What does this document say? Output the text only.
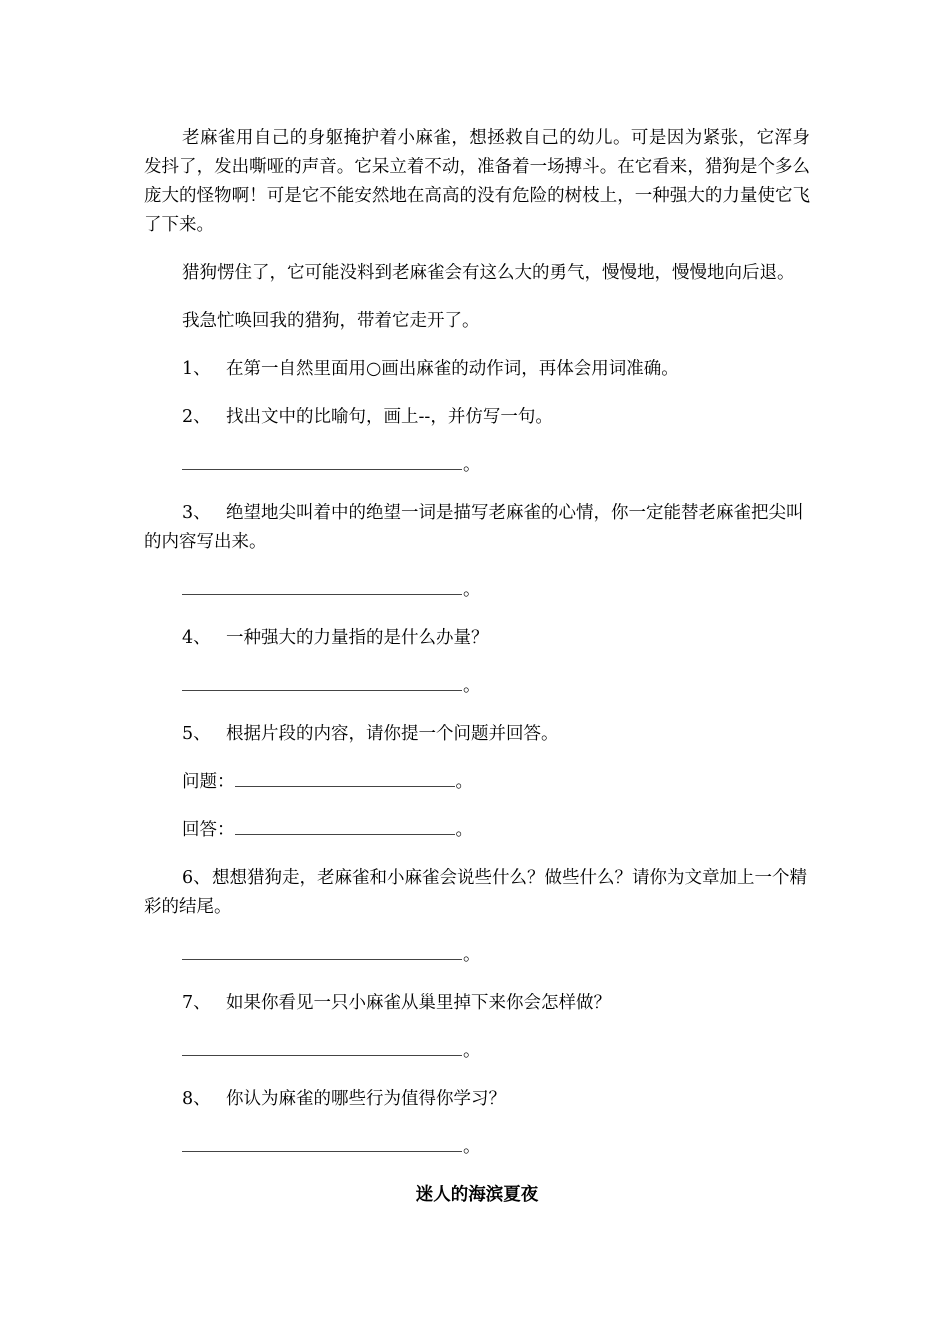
老麻雀用自己的身躯掩护着小麻雀，想拯救自己的幼儿。可是因为紧张，它浑身发抖了，发出嘶哑的声音。它呆立着不动，准备着一场搏斗。在它看来，猎狗是个多么庞大的怪物啊！可是它不能安然地在高高的没有危险的树枝上，一种强大的力量使它飞了下来。

猎狗愣住了，它可能没料到老麻雀会有这么大的勇气，慢慢地，慢慢地向后退。

我急忙唤回我的猎狗，带着它走开了。

1、 在第一自然里面用○画出麻雀的动作词，再体会用词准确。

2、 找出文中的比喻句，画上--，并仿写一句。

。

3、 绝望地尖叫着中的绝望一词是描写老麻雀的心情，你一定能替老麻雀把尖叫的内容写出来。

。

4、 一种强大的力量指的是什么办量？

。

5、 根据片段的内容，请你提一个问题并回答。

问题：	。

回答：	。

6、想想猎狗走，老麻雀和小麻雀会说些什么？做些什么？请你为文章加上一个精彩的结尾。

。

7、 如果你看见一只小麻雀从巢里掉下来你会怎样做？

。

8、 你认为麻雀的哪些行为值得你学习？

。

迷人的海滨夏夜
